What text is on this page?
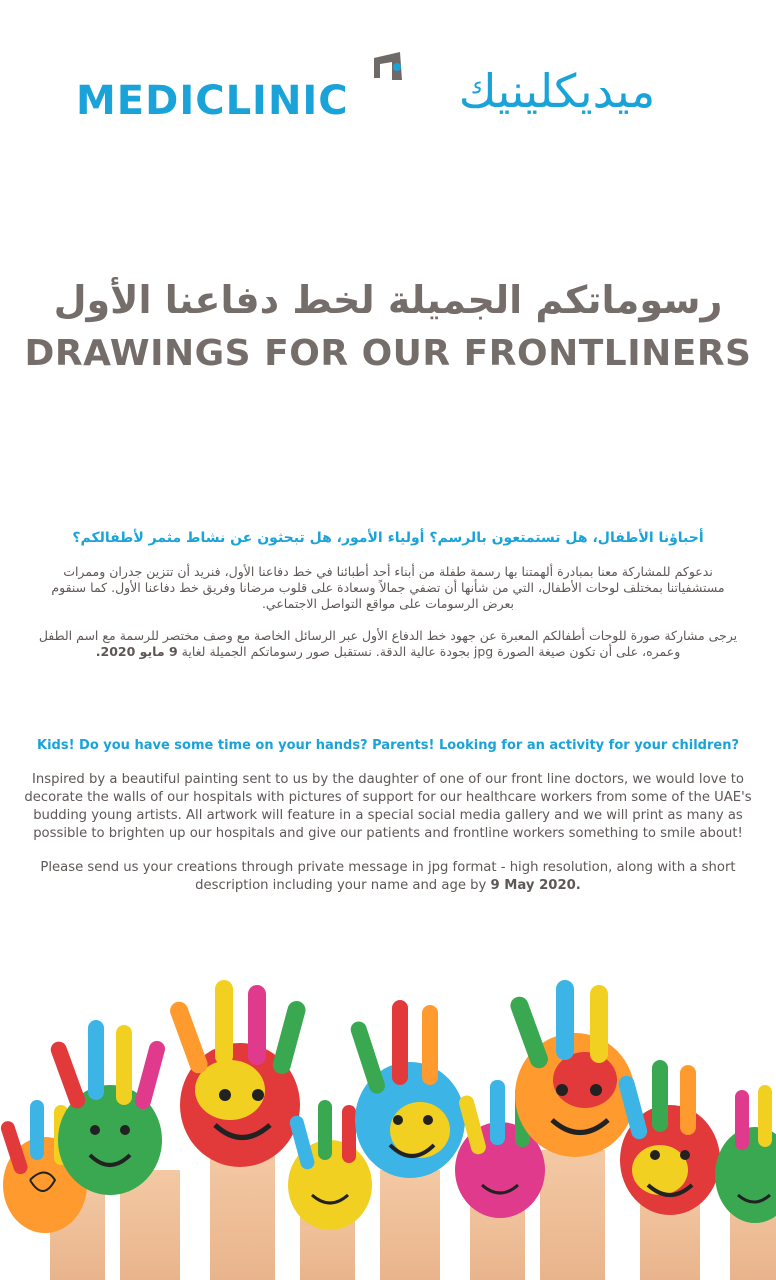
MEDICLINIC	ميديكلينيك
رسوماتكم الجميلة لخط دفاعنا الأول
DRAWINGS FOR OUR FRONTLINERS

أحباؤنا الأطفال، هل تستمتعون بالرسم؟ أولياء الأمور، هل تبحثون عن نشاط مثمر لأطفالكم؟

ندعوكم للمشاركة معنا بمبادرة ألهمتنا بها رسمة طفلة من أبناء أحد أطبائنا في خط دفاعنا الأول، فنريد أن تتزين جدران وممرات مستشفياتنا بمختلف لوحات الأطفال، التي من شأنها أن تضفي جمالاً وسعادة على قلوب مرضانا وفريق خط دفاعنا الأول. كما سنقوم بعرض الرسومات على مواقع التواصل الاجتماعي.

يرجى مشاركة صورة للوحات أطفالكم المعبرة عن جهود خط الدفاع الأول عبر الرسائل الخاصة مع وصف مختصر للرسمة مع اسم الطفل وعمره، على أن تكون صيغة الصورة jpg بجودة عالية الدقة. نستقبل صور رسوماتكم الجميلة لغاية 9 مايو 2020.

Kids! Do you have some time on your hands? Parents! Looking for an activity for your children?

Inspired by a beautiful painting sent to us by the daughter of one of our front line doctors, we would love to decorate the walls of our hospitals with pictures of support for our healthcare workers from some of the UAE's budding young artists. All artwork will feature in a special social media gallery and we will print as many as possible to brighten up our hospitals and give our patients and frontline workers something to smile about!

Please send us your creations through private message in jpg format - high resolution, along with a short description including your name and age by 9 May 2020.
